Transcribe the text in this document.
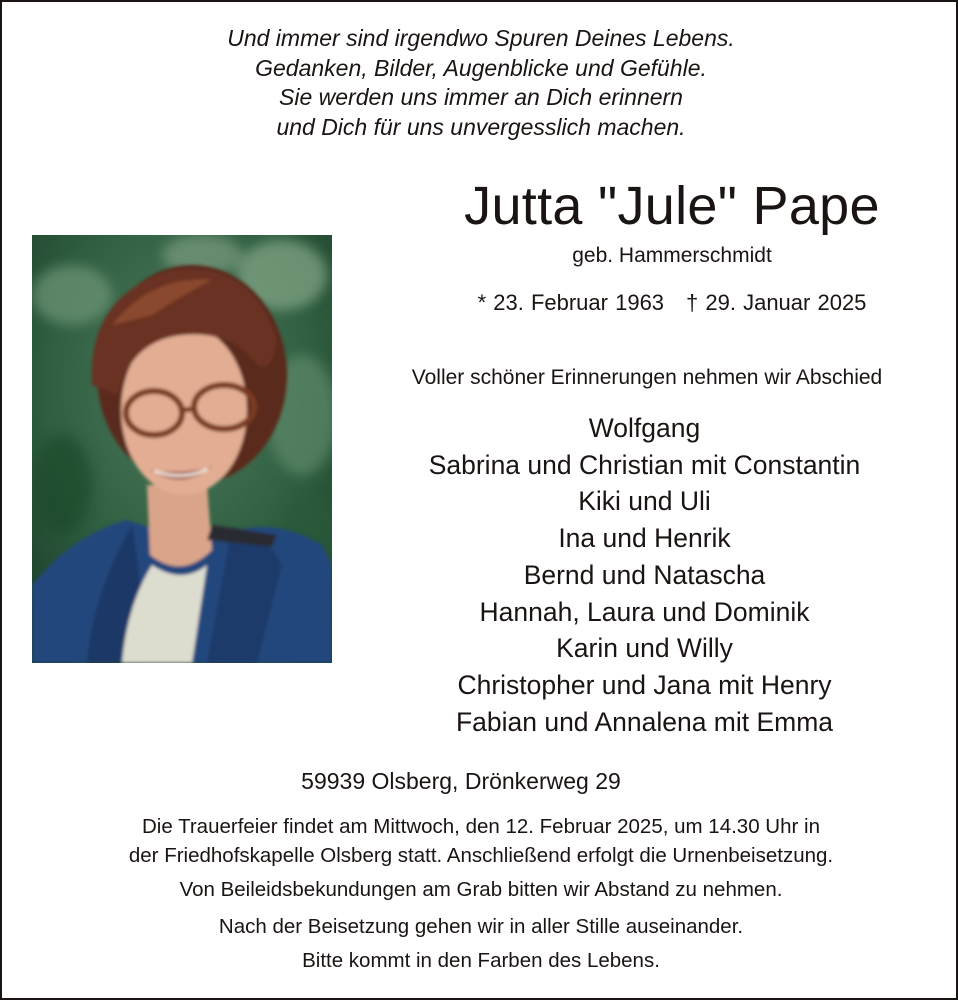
Und immer sind irgendwo Spuren Deines Lebens.
Gedanken, Bilder, Augenblicke und Gefühle.
Sie werden uns immer an Dich erinnern
und Dich für uns unvergesslich machen.
Jutta "Jule" Pape
geb. Hammerschmidt
* 23. Februar 1963 † 29. Januar 2025
Voller schöner Erinnerungen nehmen wir Abschied
Wolfgang
Sabrina und Christian mit Constantin
Kiki und Uli
Ina und Henrik
Bernd und Natascha
Hannah, Laura und Dominik
Karin und Willy
Christopher und Jana mit Henry
Fabian und Annalena mit Emma
59939 Olsberg, Drönkerweg 29

Die Trauerfeier findet am Mittwoch, den 12. Februar 2025, um 14.30 Uhr in
der Friedhofskapelle Olsberg statt. Anschließend erfolgt die Urnenbeisetzung.

Von Beileidsbekundungen am Grab bitten wir Abstand zu nehmen.

Nach der Beisetzung gehen wir in aller Stille auseinander.

Bitte kommt in den Farben des Lebens.
